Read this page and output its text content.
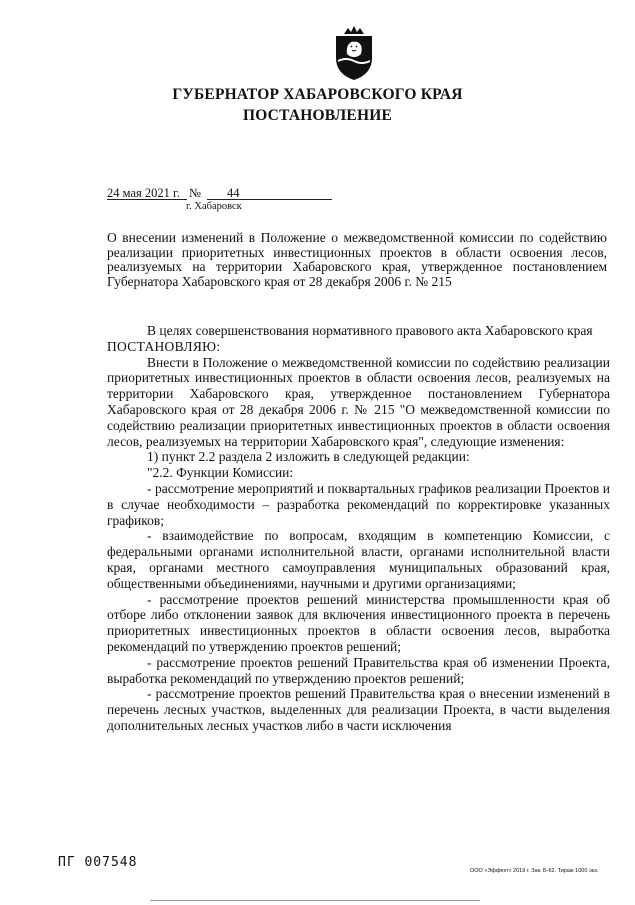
ГУБЕРНАТОР ХАБАРОВСКОГО КРАЯ
ПОСТАНОВЛЕНИЕ
24 мая 2021 г. № 44

г. Хабаровск

О внесении изменений в Положение о межведомственной комиссии по содействию реализации приоритетных инвестиционных проектов в области освоения лесов, реализуемых на территории Хабаровского края, утвержденное постановлением Губернатора Хабаровского края от 28 декабря 2006 г. № 215

В целях совершенствования нормативного правового акта Хабаровского края

ПОСТАНОВЛЯЮ:

Внести в Положение о межведомственной комиссии по содействию реализации приоритетных инвестиционных проектов в области освоения лесов, реализуемых на территории Хабаровского края, утвержденное постановлением Губернатора Хабаровского края от 28 декабря 2006 г. № 215 "О межведомственной комиссии по содействию реализации приоритетных инвестиционных проектов в области освоения лесов, реализуемых на территории Хабаровского края", следующие изменения:

1) пункт 2.2 раздела 2 изложить в следующей редакции:

"2.2. Функции Комиссии:

- рассмотрение мероприятий и поквартальных графиков реализации Проектов и в случае необходимости – разработка рекомендаций по корректировке указанных графиков;

- взаимодействие по вопросам, входящим в компетенцию Комиссии, с федеральными органами исполнительной власти, органами исполнительной власти края, органами местного самоуправления муниципальных образований края, общественными объединениями, научными и другими организациями;

- рассмотрение проектов решений министерства промышленности края об отборе либо отклонении заявок для включения инвестиционного проекта в перечень приоритетных инвестиционных проектов в области освоения лесов, выработка рекомендаций по утверждению проектов решений;

- рассмотрение проектов решений Правительства края об изменении Проекта, выработка рекомендаций по утверждению проектов решений;

- рассмотрение проектов решений Правительства края о внесении изменений в перечень лесных участков, выделенных для реализации Проекта, в части выделения дополнительных лесных участков либо в части исключения

ПГ 007548

ООО «Эффект» 2019 г. Зак. Б-62. Тираж 1000 экз.
